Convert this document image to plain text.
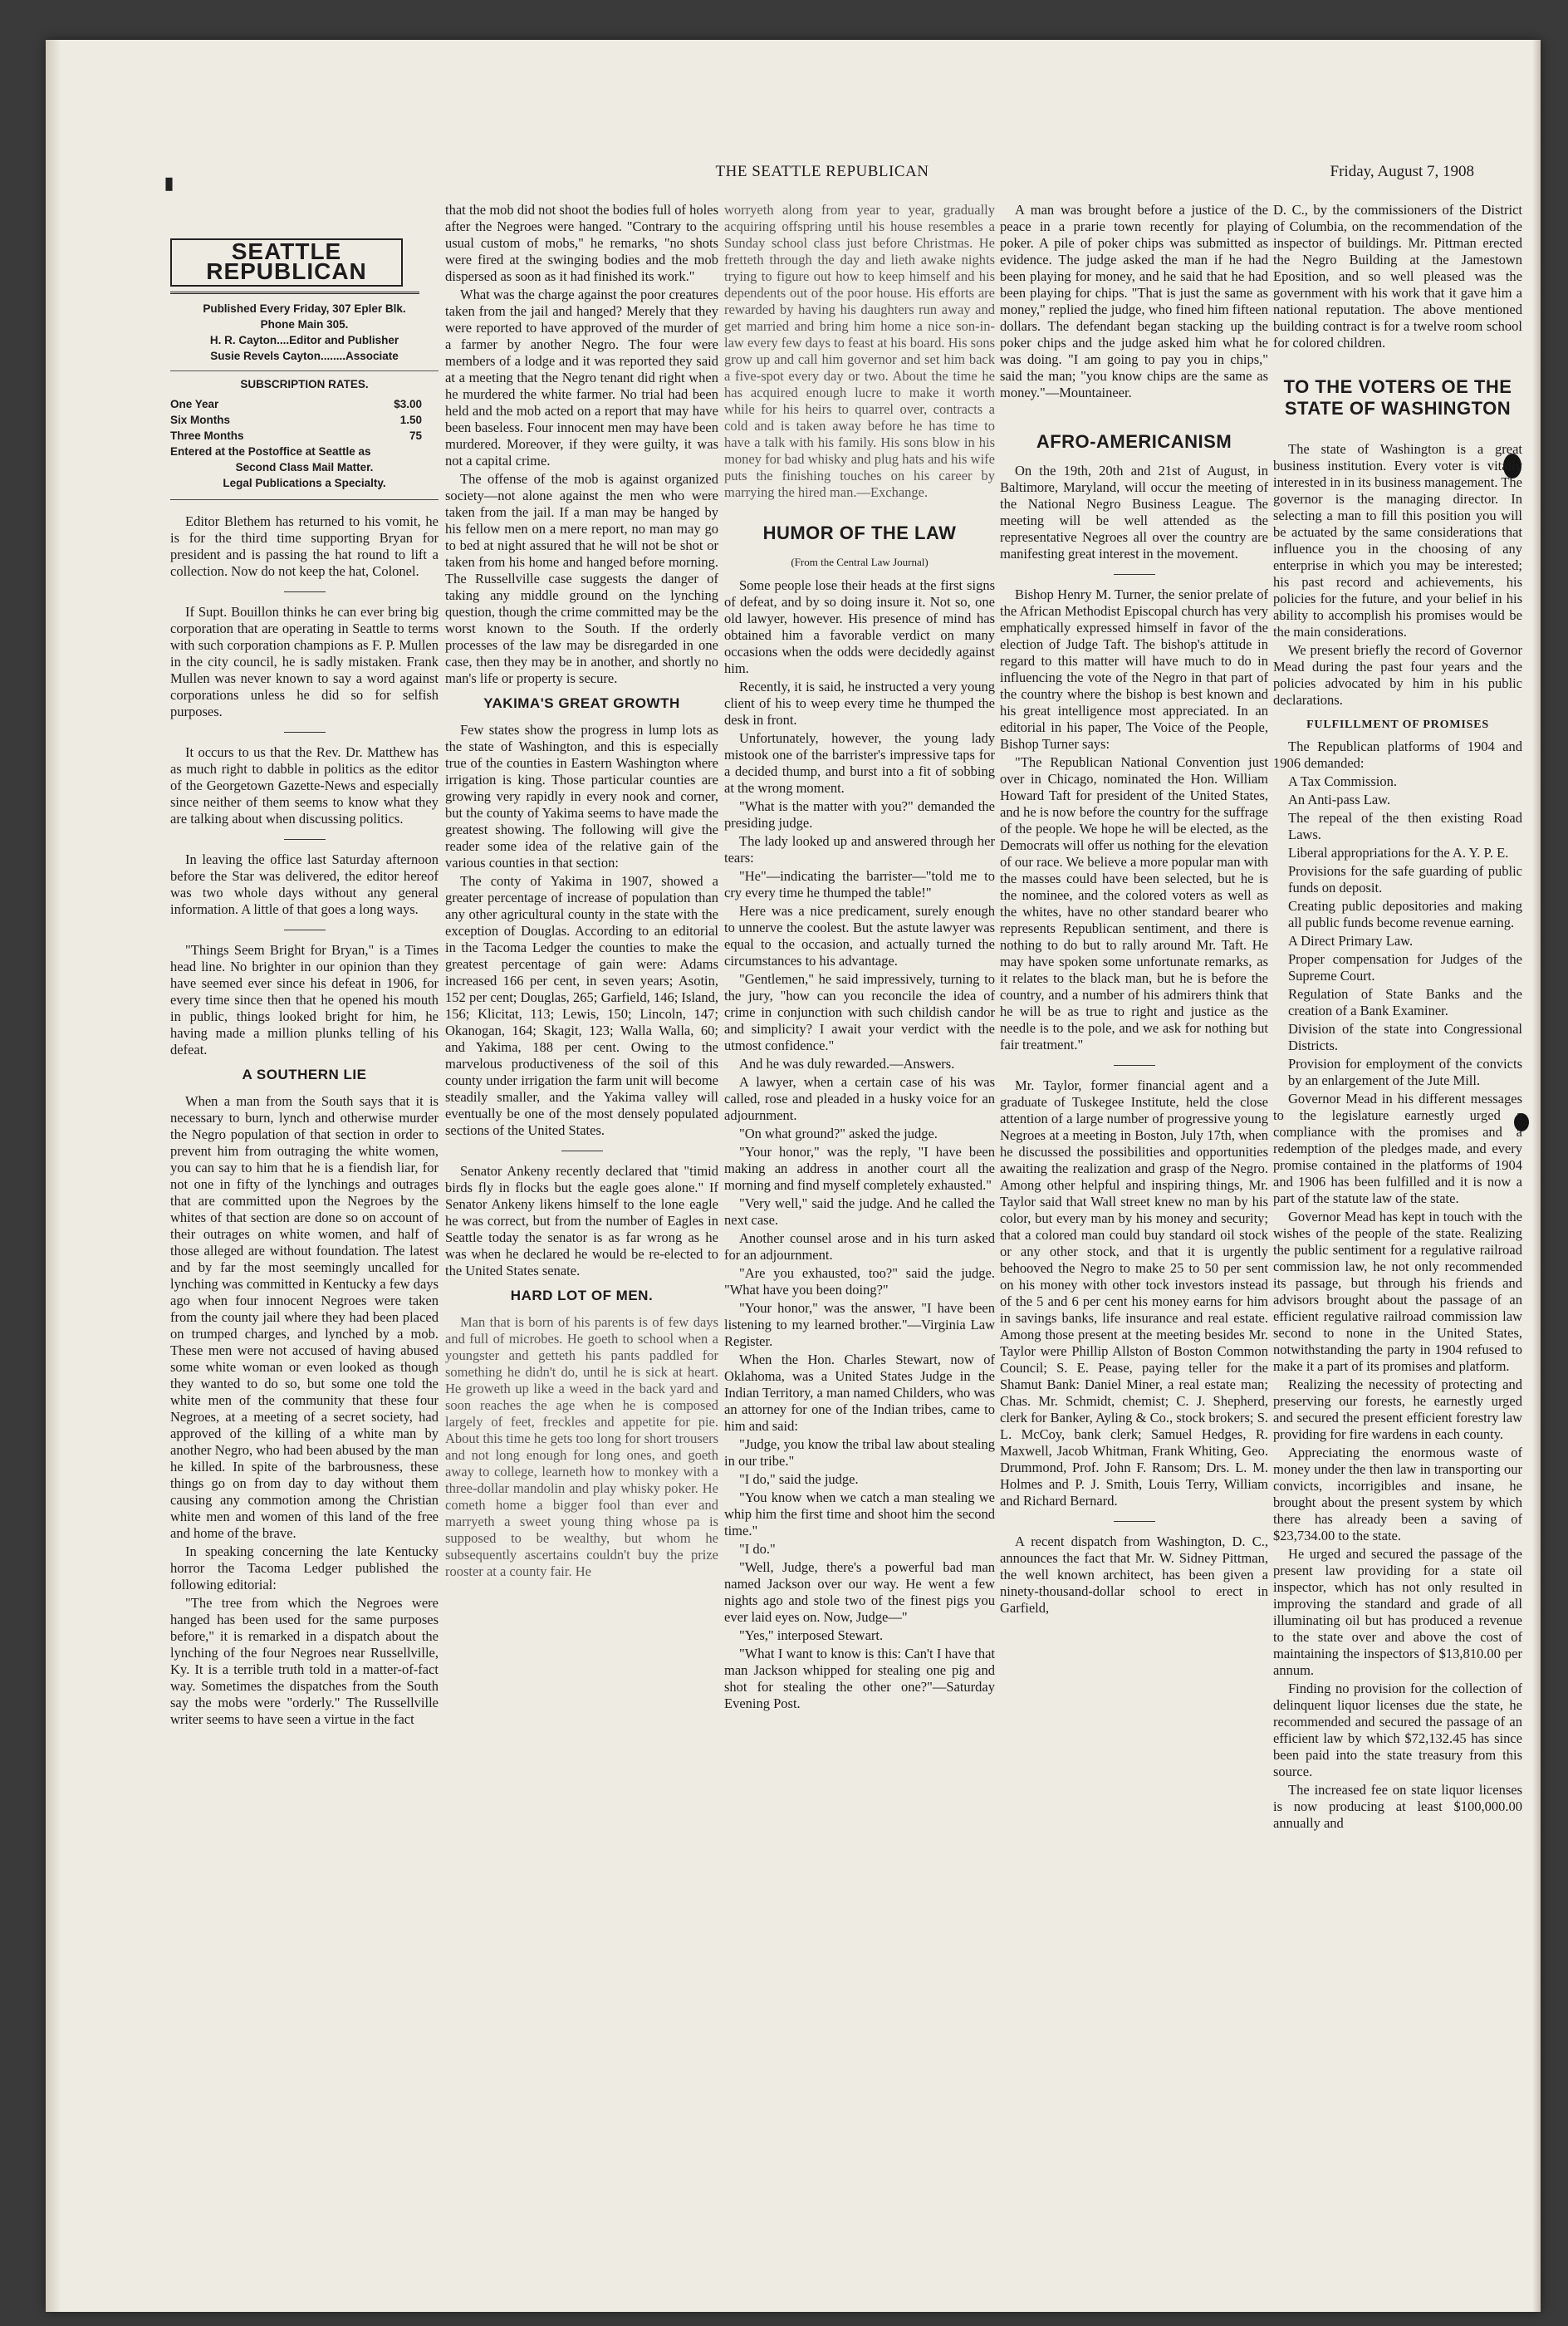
▮
THE SEATTLE REPUBLICAN	Friday, August 7, 1908
SEATTLE REPUBLICAN
Published Every Friday, 307 Epler Blk.
Phone Main 305.
H. R. Cayton....Editor and Publisher
Susie Revels Cayton........Associate
SUBSCRIPTION RATES.
One Year	$3.00
Six Months	1.50
Three Months	75
Entered at the Postoffice at Seattle as
Second Class Mail Matter.
Legal Publications a Specialty.

Editor Blethem has returned to his vomit, he is for the third time supporting Bryan for president and is passing the hat round to lift a collection. Now do not keep the hat, Colonel.

If Supt. Bouillon thinks he can ever bring big corporation that are operating in Seattle to terms with such corporation champions as F. P. Mullen in the city council, he is sadly mistaken. Frank Mullen was never known to say a word against corporations unless he did so for selfish purposes.

It occurs to us that the Rev. Dr. Matthew has as much right to dabble in politics as the editor of the Georgetown Gazette-News and especially since neither of them seems to know what they are talking about when discussing politics.

In leaving the office last Saturday afternoon before the Star was delivered, the editor hereof was two whole days without any general information. A little of that goes a long ways.

"Things Seem Bright for Bryan," is a Times head line. No brighter in our opinion than they have seemed ever since his defeat in 1906, for every time since then that he opened his mouth in public, things looked bright for him, he having made a million plunks telling of his defeat.

A SOUTHERN LIE

When a man from the South says that it is necessary to burn, lynch and otherwise murder the Negro population of that section in order to prevent him from outraging the white women, you can say to him that he is a fiendish liar, for not one in fifty of the lynchings and outrages that are committed upon the Negroes by the whites of that section are done so on account of their outrages on white women, and half of those alleged are without foundation. The latest and by far the most seemingly uncalled for lynching was committed in Kentucky a few days ago when four innocent Negroes were taken from the county jail where they had been placed on trumped charges, and lynched by a mob. These men were not accused of having abused some white woman or even looked as though they wanted to do so, but some one told the white men of the community that these four Negroes, at a meeting of a secret society, had approved of the killing of a white man by another Negro, who had been abused by the man he killed. In spite of the barbrousness, these things go on from day to day without them causing any commotion among the Christian white men and women of this land of the free and home of the brave.

In speaking concerning the late Kentucky horror the Tacoma Ledger published the following editorial:

"The tree from which the Negroes were hanged has been used for the same purposes before," it is remarked in a dispatch about the lynching of the four Negroes near Russellville, Ky. It is a terrible truth told in a matter-of-fact way. Sometimes the dispatches from the South say the mobs were "orderly." The Russellville writer seems to have seen a virtue in the fact

that the mob did not shoot the bodies full of holes after the Negroes were hanged. "Contrary to the usual custom of mobs," he remarks, "no shots were fired at the swinging bodies and the mob dispersed as soon as it had finished its work."

What was the charge against the poor creatures taken from the jail and hanged? Merely that they were reported to have approved of the murder of a farmer by another Negro. The four were members of a lodge and it was reported they said at a meeting that the Negro tenant did right when he murdered the white farmer. No trial had been held and the mob acted on a report that may have been baseless. Four innocent men may have been murdered. Moreover, if they were guilty, it was not a capital crime.

The offense of the mob is against organized society—not alone against the men who were taken from the jail. If a man may be hanged by his fellow men on a mere report, no man may go to bed at night assured that he will not be shot or taken from his home and hanged before morning. The Russellville case suggests the danger of taking any middle ground on the lynching question, though the crime committed may be the worst known to the South. If the orderly processes of the law may be disregarded in one case, then they may be in another, and shortly no man's life or property is secure.

YAKIMA'S GREAT GROWTH

Few states show the progress in lump lots as the state of Washington, and this is especially true of the counties in Eastern Washington where irrigation is king. Those particular counties are growing very rapidly in every nook and corner, but the county of Yakima seems to have made the greatest showing. The following will give the reader some idea of the relative gain of the various counties in that section:

The conty of Yakima in 1907, showed a greater percentage of increase of population than any other agricultural county in the state with the exception of Douglas. According to an editorial in the Tacoma Ledger the counties to make the greatest percentage of gain were: Adams increased 166 per cent, in seven years; Asotin, 152 per cent; Douglas, 265; Garfield, 146; Island, 156; Klicitat, 113; Lewis, 150; Lincoln, 147; Okanogan, 164; Skagit, 123; Walla Walla, 60; and Yakima, 188 per cent. Owing to the marvelous productiveness of the soil of this county under irrigation the farm unit will become steadily smaller, and the Yakima valley will eventually be one of the most densely populated sections of the United States.

Senator Ankeny recently declared that "timid birds fly in flocks but the eagle goes alone." If Senator Ankeny likens himself to the lone eagle he was correct, but from the number of Eagles in Seattle today the senator is as far wrong as he was when he declared he would be re-elected to the United States senate.

HARD LOT OF MEN.

Man that is born of his parents is of few days and full of microbes. He goeth to school when a youngster and getteth his pants paddled for something he didn't do, until he is sick at heart. He groweth up like a weed in the back yard and soon reaches the age when he is composed largely of feet, freckles and appetite for pie. About this time he gets too long for short trousers and not long enough for long ones, and goeth away to college, learneth how to monkey with a three-dollar mandolin and play whisky poker. He cometh home a bigger fool than ever and marryeth a sweet young thing whose pa is supposed to be wealthy, but whom he subsequently ascertains couldn't buy the prize rooster at a county fair. He

worryeth along from year to year, gradually acquiring offspring until his house resembles a Sunday school class just before Christmas. He fretteth through the day and lieth awake nights trying to figure out how to keep himself and his dependents out of the poor house. His efforts are rewarded by having his daughters run away and get married and bring him home a nice son-in-law every few days to feast at his board. His sons grow up and call him governor and set him back a five-spot every day or two. About the time he has acquired enough lucre to make it worth while for his heirs to quarrel over, contracts a cold and is taken away before he has time to have a talk with his family. His sons blow in his money for bad whisky and plug hats and his wife puts the finishing touches on his career by marrying the hired man.—Exchange.

HUMOR OF THE LAW
(From the Central Law Journal)

Some people lose their heads at the first signs of defeat, and by so doing insure it. Not so, one old lawyer, however. His presence of mind has obtained him a favorable verdict on many occasions when the odds were decidedly against him.

Recently, it is said, he instructed a very young client of his to weep every time he thumped the desk in front.

Unfortunately, however, the young lady mistook one of the barrister's impressive taps for a decided thump, and burst into a fit of sobbing at the wrong moment.

"What is the matter with you?" demanded the presiding judge.

The lady looked up and answered through her tears:

"He"—indicating the barrister—"told me to cry every time he thumped the table!"

Here was a nice predicament, surely enough to unnerve the coolest. But the astute lawyer was equal to the occasion, and actually turned the circumstances to his advantage.

"Gentlemen," he said impressively, turning to the jury, "how can you reconcile the idea of crime in conjunction with such childish candor and simplicity? I await your verdict with the utmost confidence."

And he was duly rewarded.—Answers.

A lawyer, when a certain case of his was called, rose and pleaded in a husky voice for an adjournment.

"On what ground?" asked the judge.

"Your honor," was the reply, "I have been making an address in another court all the morning and find myself completely exhausted."

"Very well," said the judge. And he called the next case.

Another counsel arose and in his turn asked for an adjournment.

"Are you exhausted, too?" said the judge. "What have you been doing?"

"Your honor," was the answer, "I have been listening to my learned brother."—Virginia Law Register.

When the Hon. Charles Stewart, now of Oklahoma, was a United States Judge in the Indian Territory, a man named Childers, who was an attorney for one of the Indian tribes, came to him and said:

"Judge, you know the tribal law about stealing in our tribe."

"I do," said the judge.

"You know when we catch a man stealing we whip him the first time and shoot him the second time."

"I do."

"Well, Judge, there's a powerful bad man named Jackson over our way. He went a few nights ago and stole two of the finest pigs you ever laid eyes on. Now, Judge—"

"Yes," interposed Stewart.

"What I want to know is this: Can't I have that man Jackson whipped for stealing one pig and shot for stealing the other one?"—Saturday Evening Post.

A man was brought before a justice of the peace in a prarie town recently for playing poker. A pile of poker chips was submitted as evidence. The judge asked the man if he had been playing for money, and he said that he had been playing for chips. "That is just the same as money," replied the judge, who fined him fifteen dollars. The defendant began stacking up the poker chips and the judge asked him what he was doing. "I am going to pay you in chips," said the man; "you know chips are the same as money."—Mountaineer.

AFRO-AMERICANISM

On the 19th, 20th and 21st of August, in Baltimore, Maryland, will occur the meeting of the National Negro Business League. The meeting will be well attended as the representative Negroes all over the country are manifesting great interest in the movement.

Bishop Henry M. Turner, the senior prelate of the African Methodist Episcopal church has very emphatically expressed himself in favor of the election of Judge Taft. The bishop's attitude in regard to this matter will have much to do in influencing the vote of the Negro in that part of the country where the bishop is best known and his great intelligence most appreciated. In an editorial in his paper, The Voice of the People, Bishop Turner says:

"The Republican National Convention just over in Chicago, nominated the Hon. William Howard Taft for president of the United States, and he is now before the country for the suffrage of the people. We hope he will be elected, as the Democrats will offer us nothing for the elevation of our race. We believe a more popular man with the masses could have been selected, but he is the nominee, and the colored voters as well as the whites, have no other standard bearer who represents Republican sentiment, and there is nothing to do but to rally around Mr. Taft. He may have spoken some unfortunate remarks, as it relates to the black man, but he is before the country, and a number of his admirers think that he will be as true to right and justice as the needle is to the pole, and we ask for nothing but fair treatment."

Mr. Taylor, former financial agent and a graduate of Tuskegee Institute, held the close attention of a large number of progressive young Negroes at a meeting in Boston, July 17th, when he discussed the possibilities and opportunities awaiting the realization and grasp of the Negro. Among other helpful and inspiring things, Mr. Taylor said that Wall street knew no man by his color, but every man by his money and security; that a colored man could buy standard oil stock or any other stock, and that it is urgently behooved the Negro to make 25 to 50 per sent on his money with other tock investors instead of the 5 and 6 per cent his money earns for him in savings banks, life insurance and real estate. Among those present at the meeting besides Mr. Taylor were Phillip Allston of Boston Common Council; S. E. Pease, paying teller for the Shamut Bank: Daniel Miner, a real estate man; Chas. Mr. Schmidt, chemist; C. J. Shepherd, clerk for Banker, Ayling & Co., stock brokers; S. L. McCoy, bank clerk; Samuel Hedges, R. Maxwell, Jacob Whitman, Frank Whiting, Geo. Drummond, Prof. John F. Ransom; Drs. L. M. Holmes and P. J. Smith, Louis Terry, William and Richard Bernard.

A recent dispatch from Washington, D. C., announces the fact that Mr. W. Sidney Pittman, the well known architect, has been given a ninety-thousand-dollar school to erect in Garfield,

D. C., by the commissioners of the District of Columbia, on the recommendation of the inspector of buildings. Mr. Pittman erected the Negro Building at the Jamestown Eposition, and so well pleased was the government with his work that it gave him a national reputation. The above mentioned building contract is for a twelve room school for colored children.

TO THE VOTERS OE THE STATE OF WASHINGTON

The state of Washington is a great business institution. Every voter is vitally interested in in its business management. The governor is the managing director. In selecting a man to fill this position you will be actuated by the same considerations that influence you in the choosing of any enterprise in which you may be interested; his past record and achievements, his policies for the future, and your belief in his ability to accomplish his promises would be the main considerations.

We present briefly the record of Governor Mead during the past four years and the policies advocated by him in his public declarations.

FULFILLMENT OF PROMISES

The Republican platforms of 1904 and 1906 demanded:

A Tax Commission.

An Anti-pass Law.

The repeal of the then existing Road Laws.

Liberal appropriations for the A. Y. P. E.

Provisions for the safe guarding of public funds on deposit.

Creating public depositories and making all public funds become revenue earning.

A Direct Primary Law.

Proper compensation for Judges of the Supreme Court.

Regulation of State Banks and the creation of a Bank Examiner.

Division of the state into Congressional Districts.

Provision for employment of the convicts by an enlargement of the Jute Mill.

Governor Mead in his different messages to the legislature earnestly urged a compliance with the promises and a redemption of the pledges made, and every promise contained in the platforms of 1904 and 1906 has been fulfilled and it is now a part of the statute law of the state.

Governor Mead has kept in touch with the wishes of the people of the state. Realizing the public sentiment for a regulative railroad commission law, he not only recommended its passage, but through his friends and advisors brought about the passage of an efficient regulative railroad commission law second to none in the United States, notwithstanding the party in 1904 refused to make it a part of its promises and platform.

Realizing the necessity of protecting and preserving our forests, he earnestly urged and secured the present efficient forestry law providing for fire wardens in each county.

Appreciating the enormous waste of money under the then law in transporting our convicts, incorrigibles and insane, he brought about the present system by which there has already been a saving of $23,734.00 to the state.

He urged and secured the passage of the present law providing for a state oil inspector, which has not only resulted in improving the standard and grade of all illuminating oil but has produced a revenue to the state over and above the cost of maintaining the inspectors of $13,810.00 per annum.

Finding no provision for the collection of delinquent liquor licenses due the state, he recommended and secured the passage of an efficient law by which $72,132.45 has since been paid into the state treasury from this source.

The increased fee on state liquor licenses is now producing at least $100,000.00 annually and
